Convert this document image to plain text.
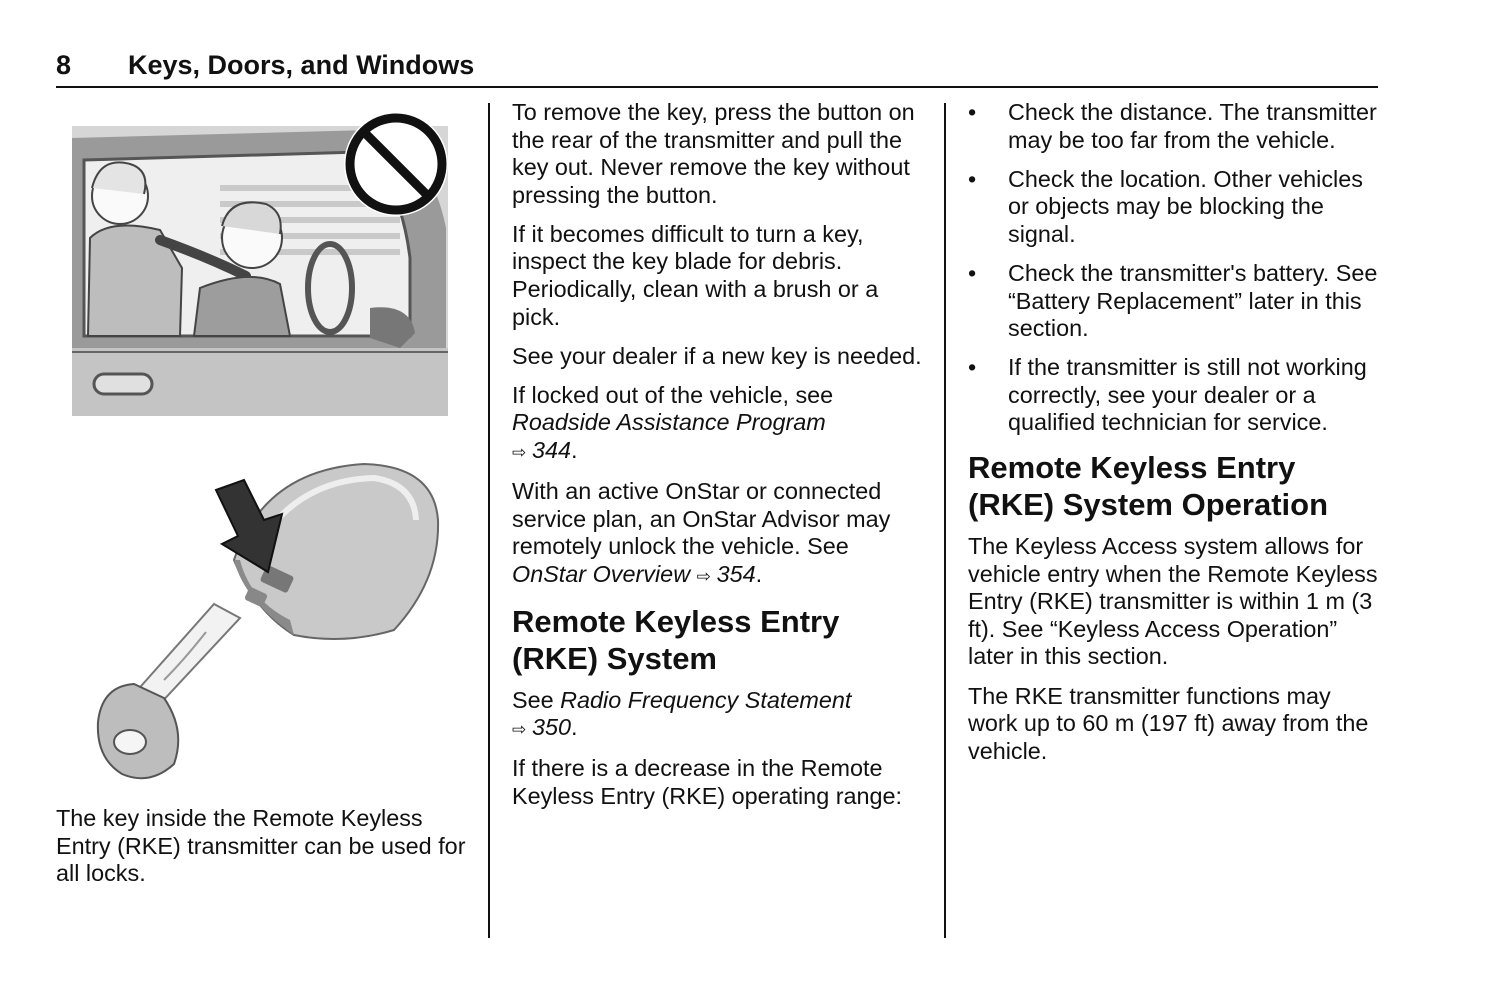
8 Keys, Doors, and Windows

The key inside the Remote Keyless Entry (RKE) transmitter can be used for all locks.

To remove the key, press the button on the rear of the transmitter and pull the key out. Never remove the key without pressing the button.

If it becomes difficult to turn a key, inspect the key blade for debris. Periodically, clean with a brush or a pick.

See your dealer if a new key is needed.

If locked out of the vehicle, see Roadside Assistance Program
⇨ 344.

With an active OnStar or connected service plan, an OnStar Advisor may remotely unlock the vehicle. See OnStar Overview ⇨ 354.

Remote Keyless Entry (RKE) System

See Radio Frequency Statement
⇨ 350.

If there is a decrease in the Remote Keyless Entry (RKE) operating range:

• Check the distance. The transmitter may be too far from the vehicle.
• Check the location. Other vehicles or objects may be blocking the signal.
• Check the transmitter's battery. See “Battery Replacement” later in this section.
• If the transmitter is still not working correctly, see your dealer or a qualified technician for service.
Remote Keyless Entry (RKE) System Operation

The Keyless Access system allows for vehicle entry when the Remote Keyless Entry (RKE) transmitter is within 1 m (3 ft). See “Keyless Access Operation” later in this section.

The RKE transmitter functions may work up to 60 m (197 ft) away from the vehicle.
